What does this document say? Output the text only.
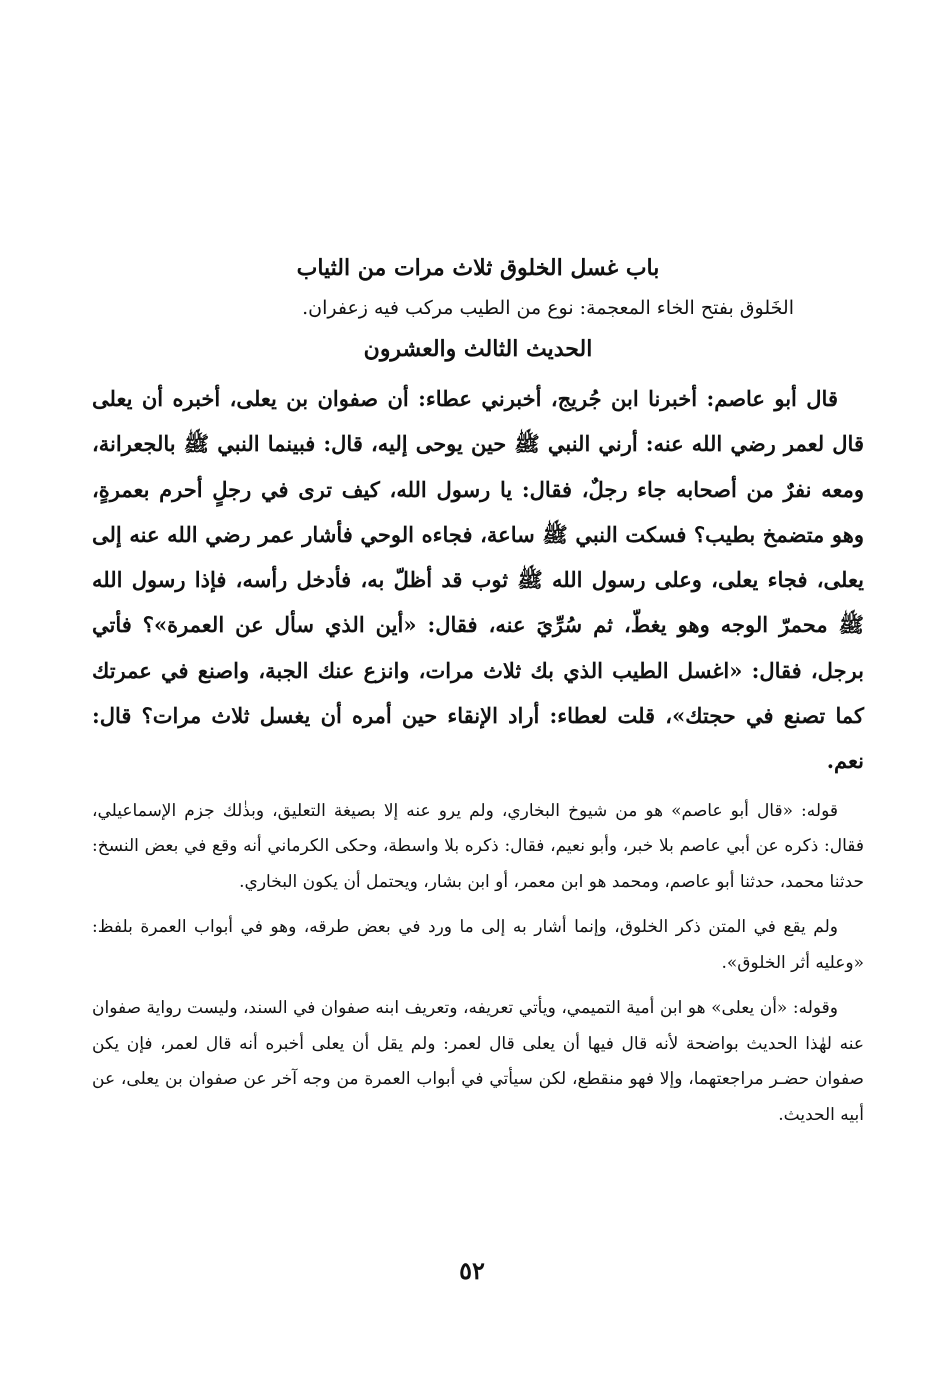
باب غسل الخلوق ثلاث مرات من الثياب

الخَلوق بفتح الخاء المعجمة: نوع من الطيب مركب فيه زعفران.

الحديث الثالث والعشرون

قال أبو عاصم: أخبرنا ابن جُريج، أخبرني عطاء: أن صفوان بن يعلى، أخبره أن يعلى قال لعمر رضي الله عنه: أرني النبي ﷺ حين يوحى إليه، قال: فبينما النبي ﷺ بالجعرانة، ومعه نفرٌ من أصحابه جاء رجلٌ، فقال: يا رسول الله، كيف ترى في رجلٍ أحرم بعمرةٍ، وهو متضمخ بطيب؟ فسكت النبي ﷺ ساعة، فجاءه الوحي فأشار عمر رضي الله عنه إلى يعلى، فجاء يعلى، وعلى رسول الله ﷺ ثوب قد أظلّ به، فأدخل رأسه، فإذا رسول الله ﷺ محمرّ الوجه وهو يغطّ، ثم سُرِّيَ عنه، فقال: «أين الذي سأل عن العمرة»؟ فأتي برجل، فقال: «اغسل الطيب الذي بك ثلاث مرات، وانزع عنك الجبة، واصنع في عمرتك كما تصنع في حجتك»، قلت لعطاء: أراد الإنقاء حين أمره أن يغسل ثلاث مرات؟ قال: نعم.

قوله: «قال أبو عاصم» هو من شيوخ البخاري، ولم يرو عنه إلا بصيغة التعليق، وبذٰلك جزم الإسماعيلي، فقال: ذكره عن أبي عاصم بلا خبر، وأبو نعيم، فقال: ذكره بلا واسطة، وحكى الكرماني أنه وقع في بعض النسخ: حدثنا محمد، حدثنا أبو عاصم، ومحمد هو ابن معمر، أو ابن بشار، ويحتمل أن يكون البخاري.

ولم يقع في المتن ذكر الخلوق، وإنما أشار به إلى ما ورد في بعض طرقه، وهو في أبواب العمرة بلفظ: «وعليه أثر الخلوق».

وقوله: «أن يعلى» هو ابن أمية التميمي، ويأتي تعريفه، وتعريف ابنه صفوان في السند، وليست رواية صفوان عنه لهٰذا الحديث بواضحة لأنه قال فيها أن يعلى قال لعمر: ولم يقل أن يعلى أخبره أنه قال لعمر، فإن يكن صفوان حضـر مراجعتهما، وإلا فهو منقطع، لكن سيأتي في أبواب العمرة من وجه آخر عن صفوان بن يعلى، عن أبيه الحديث.

٥٢
